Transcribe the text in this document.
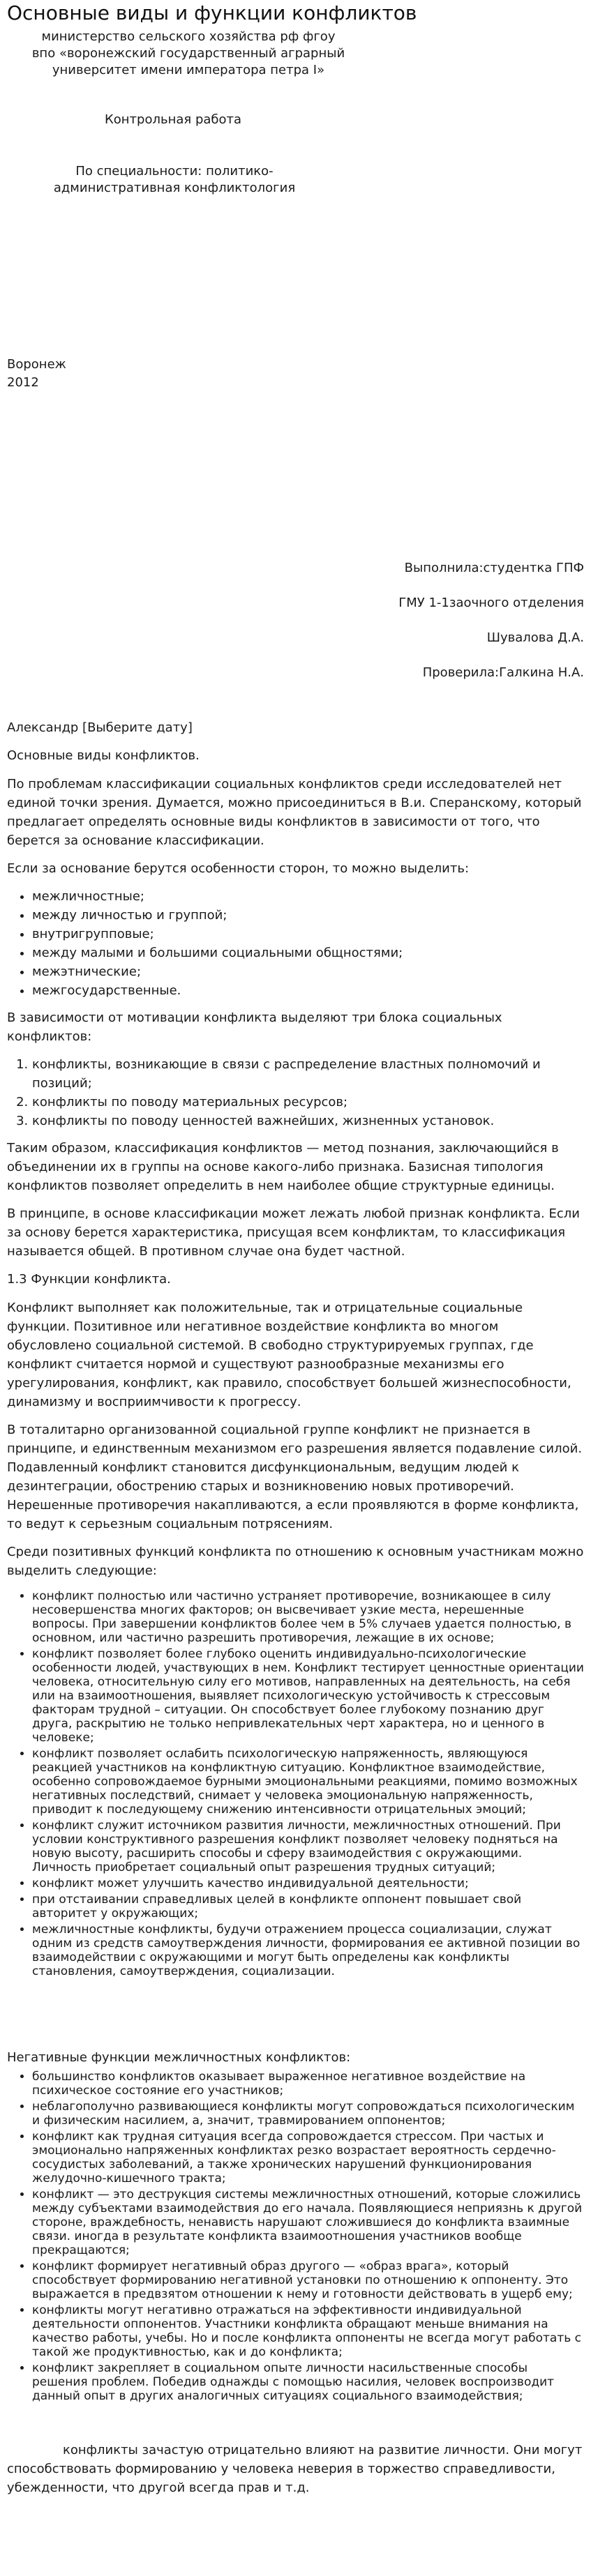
Основные виды и функции конфликтов
министерство сельского хозяйства рф фгоу
впо «воронежский государственный аграрный
университет имени императора петра I»
Контрольная работа
По специальности: политико-
административная конфликтология
Воронеж
2012
Выполнила:студентка ГПФ
ГМУ 1-1заочного отделения
Шувалова Д.А.
Проверила:Галкина Н.А.
Александр [Выберите дату]
Основные виды конфликтов.

По проблемам классификации социальных конфликтов среди исследователей нет единой точки зрения. Думается, можно присоединиться в В.и. Сперанскому, который предлагает определять основные виды конфликтов в зависимости от того, что берется за основание классификации.

Если за основание берутся особенности сторон, то можно выделить:

• межличностные;
• между личностью и группой;
• внутригрупповые;
• между малыми и большими социальными общностями;
• межэтнические;
• межгосударственные.

В зависимости от мотивации конфликта выделяют три блока социальных конфликтов:

1. конфликты, возникающие в связи с распределение властных полномочий и позиций;
2. конфликты по поводу материальных ресурсов;
3. конфликты по поводу ценностей важнейших, жизненных установок.

Таким образом, классификация конфликтов — метод познания, заключающийся в объединении их в группы на основе какого-либо признака. Базисная типология конфликтов позволяет определить в нем наиболее общие структурные единицы.

В принципе, в основе классификации может лежать любой признак конфликта. Если за основу берется характеристика, присущая всем конфликтам, то классификация называется общей. В противном случае она будет частной.

1.3 Функции конфликта.

Конфликт выполняет как положительные, так и отрицательные социальные функции. Позитивное или негативное воздействие конфликта во многом обусловлено социальной системой. В свободно структурируемых группах, где конфликт считается нормой и существуют разнообразные механизмы его урегулирования, конфликт, как правило, способствует большей жизнеспособности, динамизму и восприимчивости к прогрессу.

В тоталитарно организованной социальной группе конфликт не признается в принципе, и единственным механизмом его разрешения является подавление силой. Подавленный конфликт становится дисфункциональным, ведущим людей к дезинтеграции, обострению старых и возникновению новых противоречий. Нерешенные противоречия накапливаются, а если проявляются в форме конфликта, то ведут к серьезным социальным потрясениям.

Среди позитивных функций конфликта по отношению к основным участникам можно выделить следующие:

• конфликт полностью или частично устраняет противоречие, возникающее в силу несовершенства многих факторов; он высвечивает узкие места, нерешенные вопросы. При завершении конфликтов более чем в 5% случаев удается полностью, в основном, или частично разрешить противоречия, лежащие в их основе;
• конфликт позволяет более глубоко оценить индивидуально-психологические особенности людей, участвующих в нем. Конфликт тестирует ценностные ориентации человека, относительную силу его мотивов, направленных на деятельность, на себя или на взаимоотношения, выявляет психологическую устойчивость к стрессовым факторам трудной – ситуации. Он способствует более глубокому познанию друг друга, раскрытию не только непривлекательных черт характера, но и ценного в человеке;
• конфликт позволяет ослабить психологическую напряженность, являющуюся реакцией участников на конфликтную ситуацию. Конфликтное взаимодействие, особенно сопровождаемое бурными эмоциональными реакциями, помимо возможных негативных последствий, снимает у человека эмоциональную напряженность, приводит к последующему снижению интенсивности отрицательных эмоций;
• конфликт служит источником развития личности, межличностных отношений. При условии конструктивного разрешения конфликт позволяет человеку подняться на новую высоту, расширить способы и сферу взаимодействия с окружающими. Личность приобретает социальный опыт разрешения трудных ситуаций;
• конфликт может улучшить качество индивидуальной деятельности;
• при отстаивании справедливых целей в конфликте оппонент повышает свой авторитет у окружающих;
• межличностные конфликты, будучи отражением процесса социализации, служат одним из средств самоутверждения личности, формирования ее активной позиции во взаимодействии с окружающими и могут быть определены как конфликты становления, самоутверждения, социализации.
Негативные функции межличностных конфликтов:
• большинство конфликтов оказывает выраженное негативное воздействие на психическое состояние его участников;
• неблагополучно развивающиеся конфликты могут сопровождаться психологическим и физическим насилием, а, значит, травмированием оппонентов;
• конфликт как трудная ситуация всегда сопровождается стрессом. При частых и эмоционально напряженных конфликтах резко возрастает вероятность сердечно-сосудистых заболеваний, а также хронических нарушений функционирования желудочно-кишечного тракта;
• конфликт — это деструкция системы межличностных отношений, которые сложились между субъектами взаимодействия до его начала. Появляющиеся неприязнь к другой стороне, враждебность, ненависть нарушают сложившиеся до конфликта взаимные связи. иногда в результате конфликта взаимоотношения участников вообще прекращаются;
• конфликт формирует негативный образ другого — «образ врага», который способствует формированию негативной установки по отношению к оппоненту. Это выражается в предвзятом отношении к нему и готовности действовать в ущерб ему;
• конфликты могут негативно отражаться на эффективности индивидуальной деятельности оппонентов. Участники конфликта обращают меньше внимания на качество работы, учебы. Но и после конфликта оппоненты не всегда могут работать с такой же продуктивностью, как и до конфликта;
• конфликт закрепляет в социальном опыте личности насильственные способы решения проблем. Победив однажды с помощью насилия, человек воспроизводит данный опыт в других аналогичных ситуациях социального взаимодействия;
конфликты зачастую отрицательно влияют на развитие личности. Они могут способствовать формированию у человека неверия в торжество справедливости, убежденности, что другой всегда прав и т.д.
